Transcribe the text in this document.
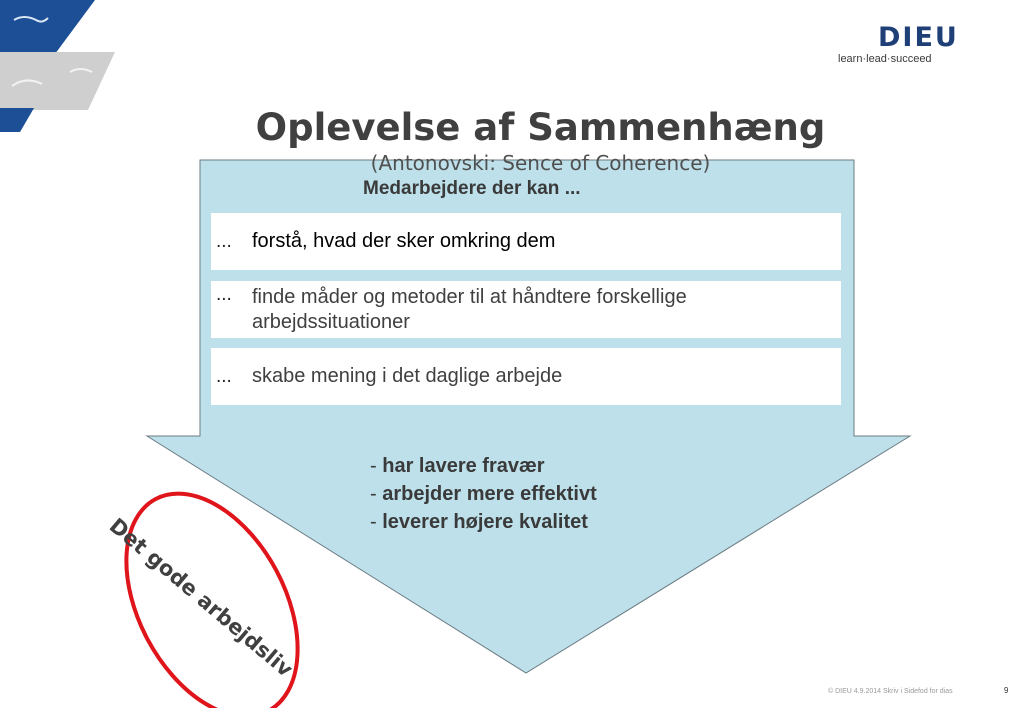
DIEU
learn·lead·succeed
Det gode arbejdsliv
Oplevelse af Sammenhæng
(Antonovski: Sence of Coherence)
Medarbejdere der kan ...
...	forstå, hvad der sker omkring dem
...	finde måder og metoder til at håndtere forskellige arbejdssituationer
...	skabe mening i det daglige arbejde
- har lavere fravær
- arbejder mere effektivt
- leverer højere kvalitet
© DIEU 4.9.2014 Skriv i Sidefod for dias	9
